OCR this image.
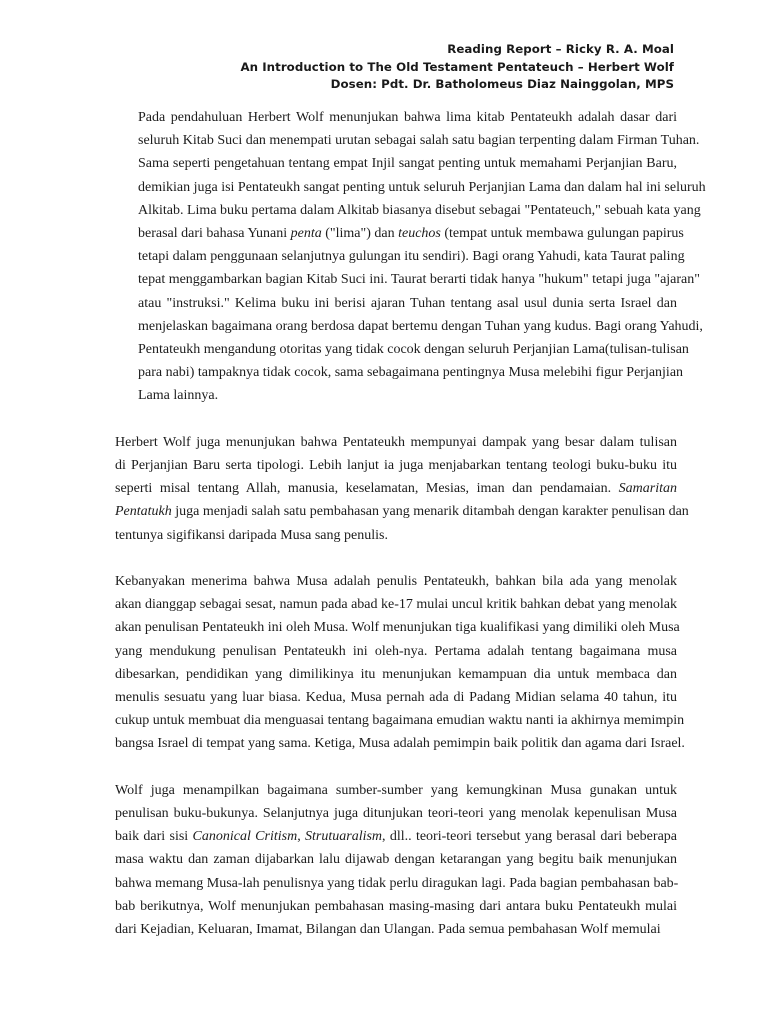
Reading Report – Ricky R. A. Moal
An Introduction to The Old Testament Pentateuch – Herbert Wolf
Dosen: Pdt. Dr. Batholomeus Diaz Nainggolan, MPS

Pada pendahuluan Herbert Wolf menunjukan bahwa lima kitab Pentateukh adalah dasar dari
seluruh Kitab Suci dan menempati urutan sebagai salah satu bagian terpenting dalam Firman Tuhan.
Sama seperti pengetahuan tentang empat Injil sangat penting untuk memahami Perjanjian Baru,
demikian juga isi Pentateukh sangat penting untuk seluruh Perjanjian Lama dan dalam hal ini seluruh
Alkitab. Lima buku pertama dalam Alkitab biasanya disebut sebagai "Pentateuch," sebuah kata yang
berasal dari bahasa Yunani penta ("lima") dan teuchos (tempat untuk membawa gulungan papirus
tetapi dalam penggunaan selanjutnya gulungan itu sendiri). Bagi orang Yahudi, kata Taurat paling
tepat menggambarkan bagian Kitab Suci ini. Taurat berarti tidak hanya "hukum" tetapi juga "ajaran"
atau "instruksi." Kelima buku ini berisi ajaran Tuhan tentang asal usul dunia serta Israel dan
menjelaskan bagaimana orang berdosa dapat bertemu dengan Tuhan yang kudus. Bagi orang Yahudi,
Pentateukh mengandung otoritas yang tidak cocok dengan seluruh Perjanjian Lama(tulisan-tulisan
para nabi) tampaknya tidak cocok, sama sebagaimana pentingnya Musa melebihi figur Perjanjian
Lama lainnya.

Herbert Wolf juga menunjukan bahwa Pentateukh mempunyai dampak yang besar dalam tulisan
di Perjanjian Baru serta tipologi. Lebih lanjut ia juga menjabarkan tentang teologi buku-buku itu
seperti misal tentang Allah, manusia, keselamatan, Mesias, iman dan pendamaian. Samaritan
Pentatukh juga menjadi salah satu pembahasan yang menarik ditambah dengan karakter penulisan dan
tentunya sigifikansi daripada Musa sang penulis.

Kebanyakan menerima bahwa Musa adalah penulis Pentateukh, bahkan bila ada yang menolak
akan dianggap sebagai sesat, namun pada abad ke-17 mulai uncul kritik bahkan debat yang menolak
akan penulisan Pentateukh ini oleh Musa. Wolf menunjukan tiga kualifikasi yang dimiliki oleh Musa
yang mendukung penulisan Pentateukh ini oleh-nya. Pertama adalah tentang bagaimana musa
dibesarkan, pendidikan yang dimilikinya itu menunjukan kemampuan dia untuk membaca dan
menulis sesuatu yang luar biasa. Kedua, Musa pernah ada di Padang Midian selama 40 tahun, itu
cukup untuk membuat dia menguasai tentang bagaimana emudian waktu nanti ia akhirnya memimpin
bangsa Israel di tempat yang sama. Ketiga, Musa adalah pemimpin baik politik dan agama dari Israel.

Wolf juga menampilkan bagaimana sumber-sumber yang kemungkinan Musa gunakan untuk
penulisan buku-bukunya. Selanjutnya juga ditunjukan teori-teori yang menolak kepenulisan Musa
baik dari sisi Canonical Critism, Strutuaralism, dll.. teori-teori tersebut yang berasal dari beberapa
masa waktu dan zaman dijabarkan lalu dijawab dengan ketarangan yang begitu baik menunjukan
bahwa memang Musa-lah penulisnya yang tidak perlu diragukan lagi. Pada bagian pembahasan bab-
bab berikutnya, Wolf menunjukan pembahasan masing-masing dari antara buku Pentateukh mulai
dari Kejadian, Keluaran, Imamat, Bilangan dan Ulangan. Pada semua pembahasan Wolf memulai
